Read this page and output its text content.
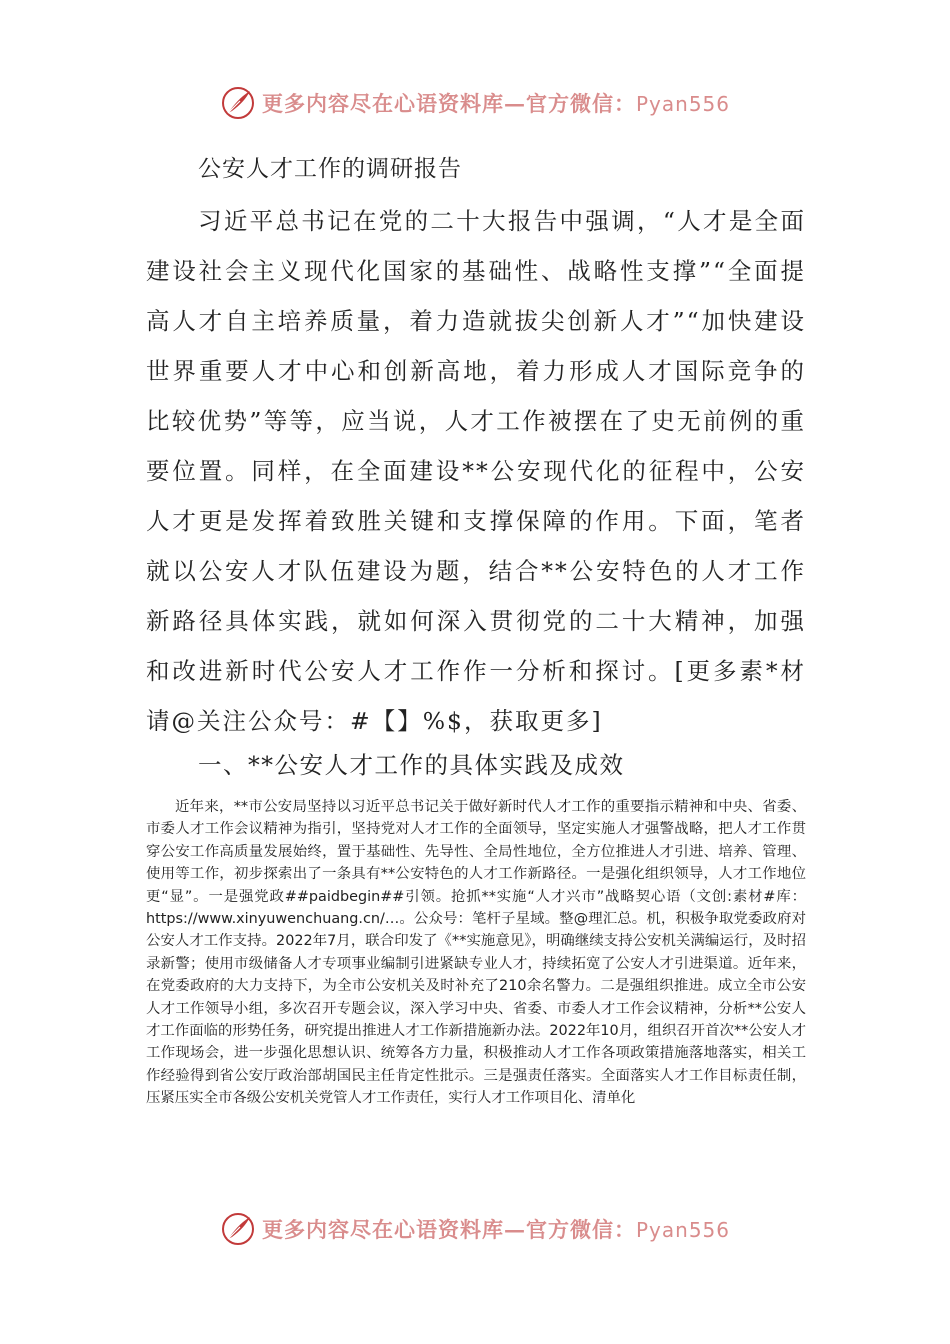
更多内容尽在心语资料库—官方微信：Pyan556
公安人才工作的调研报告
习近平总书记在党的二十大报告中强调，“人才是全面建设社会主义现代化国家的基础性、战略性支撑”“全面提高人才自主培养质量，着力造就拔尖创新人才”“加快建设世界重要人才中心和创新高地，着力形成人才国际竞争的比较优势”等等，应当说，人才工作被摆在了史无前例的重要位置。同样，在全面建设**公安现代化的征程中，公安人才更是发挥着致胜关键和支撑保障的作用。下面，笔者就以公安人才队伍建设为题，结合**公安特色的人才工作新路径具体实践，就如何深入贯彻党的二十大精神，加强和改进新时代公安人才工作作一分析和探讨。[更多素*材请@关注公众号：#【】%$，获取更多]
一、**公安人才工作的具体实践及成效
近年来，**市公安局坚持以习近平总书记关于做好新时代人才工作的重要指示精神和中央、省委、市委人才工作会议精神为指引，坚持党对人才工作的全面领导，坚定实施人才强警战略，把人才工作贯穿公安工作高质量发展始终，置于基础性、先导性、全局性地位，全方位推进人才引进、培养、管理、使用等工作，初步探索出了一条具有**公安特色的人才工作新路径。一是强化组织领导，人才工作地位更“显”。一是强党政##paidbegin##引领。抢抓**实施“人才兴市”战略契心语（文创:素材#库：https://www.xinyuwenchuang.cn/…。公众号：笔杆子星域。整@理汇总。机，积极争取党委政府对公安人才工作支持。2022年7月，联合印发了《**实施意见》，明确继续支持公安机关满编运行，及时招录新警；使用市级储备人才专项事业编制引进紧缺专业人才，持续拓宽了公安人才引进渠道。近年来，在党委政府的大力支持下，为全市公安机关及时补充了210余名警力。二是强组织推进。成立全市公安人才工作领导小组，多次召开专题会议，深入学习中央、省委、市委人才工作会议精神，分析**公安人才工作面临的形势任务，研究提出推进人才工作新措施新办法。2022年10月，组织召开首次**公安人才工作现场会，进一步强化思想认识、统筹各方力量，积极推动人才工作各项政策措施落地落实，相关工作经验得到省公安厅政治部胡国民主任肯定性批示。三是强责任落实。全面落实人才工作目标责任制，压紧压实全市各级公安机关党管人才工作责任，实行人才工作项目化、清单化
更多内容尽在心语资料库—官方微信：Pyan556
